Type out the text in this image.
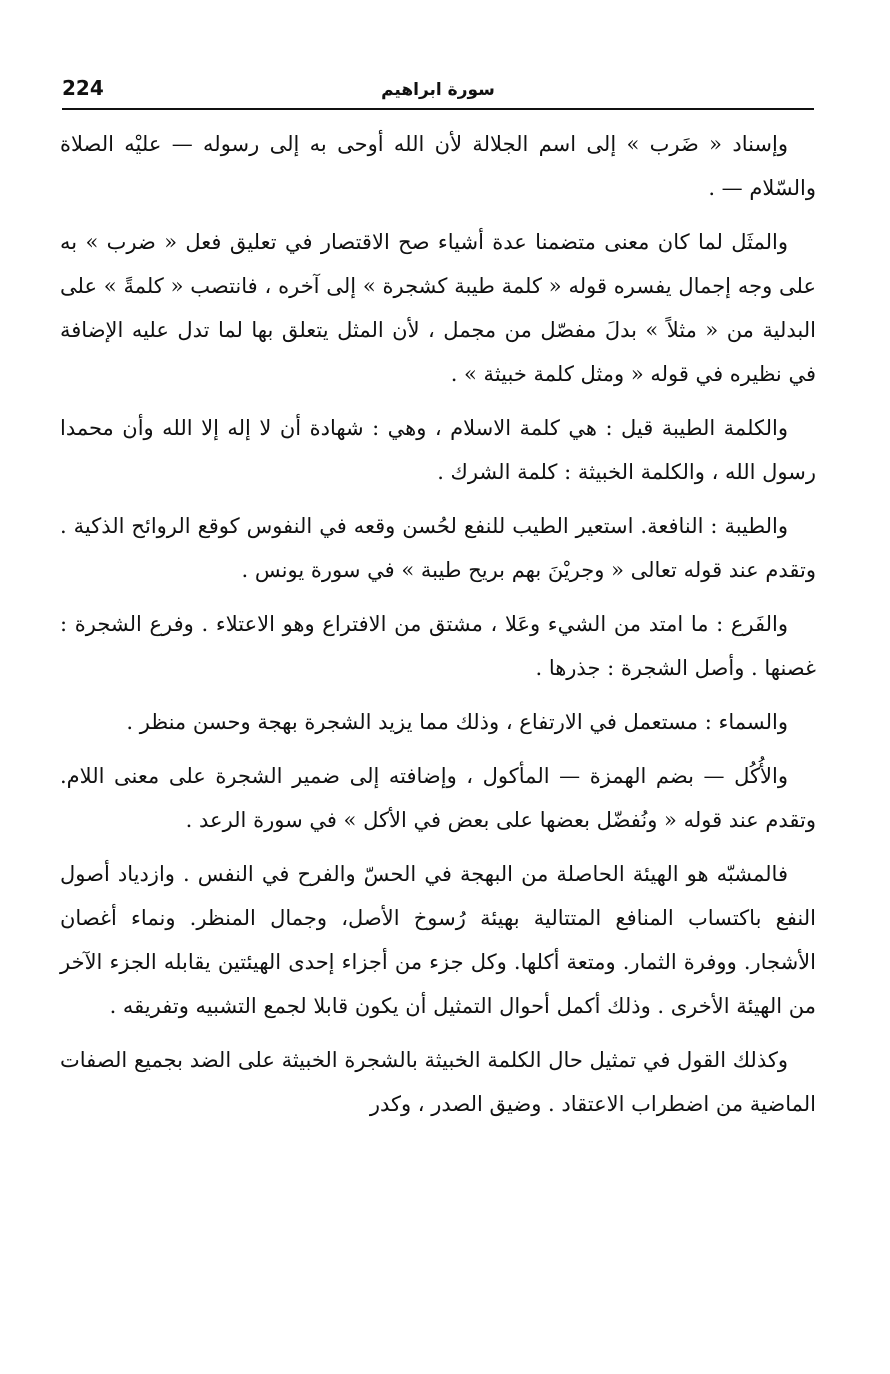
224	سورة ابراهيم

وإسناد « ضَرب » إلى اسم الجلالة لأن الله أوحى به إلى رسوله — عليْه الصلاة والسّلام — .

والمثَل لما كان معنى متضمنا عدة أشياء صح الاقتصار في تعليق فعل « ضرب » به على وجه إجمال يفسره قوله « كلمة طيبة كشجرة » إلى آخره ، فانتصب « كلمةً » على البدلية من « مثلاً » بدلَ مفصّل من مجمل ، لأن المثل يتعلق بها لما تدل عليه الإضافة في نظيره في قوله « ومثل كلمة خبيثة » .

والكلمة الطيبة قيل : هي كلمة الاسلام ، وهي : شهادة أن لا إله إلا الله وأن محمدا رسول الله ، والكلمة الخبيثة : كلمة الشرك .

والطيبة : النافعة. استعير الطيب للنفع لحُسن وقعه في النفوس كوقع الروائح الذكية . وتقدم عند قوله تعالى « وجريْنَ بهم بريح طيبة » في سورة يونس .

والفَرع : ما امتد من الشيء وعَلا ، مشتق من الافتراع وهو الاعتلاء . وفرع الشجرة : غصنها . وأصل الشجرة : جذرها .

والسماء : مستعمل في الارتفاع ، وذلك مما يزيد الشجرة بهجة وحسن منظر .

والأُكُل — بضم الهمزة — المأكول ، وإضافته إلى ضمير الشجرة على معنى اللام. وتقدم عند قوله « ونُفضّل بعضها على بعض في الأكل » في سورة الرعد .

فالمشبّه هو الهيئة الحاصلة من البهجة في الحسّ والفرح في النفس . وازدياد أصول النفع باكتساب المنافع المتتالية بهيئة رُسوخ الأصل، وجمال المنظر. ونماء أغصان الأشجار. ووفرة الثمار. ومتعة أكلها. وكل جزء من أجزاء إحدى الهيئتين يقابله الجزء الآخر من الهيئة الأخرى . وذلك أكمل أحوال التمثيل أن يكون قابلا لجمع التشبيه وتفريقه .

وكذلك القول في تمثيل حال الكلمة الخبيثة بالشجرة الخبيثة على الضد بجميع الصفات الماضية من اضطراب الاعتقاد . وضيق الصدر ، وكدر
